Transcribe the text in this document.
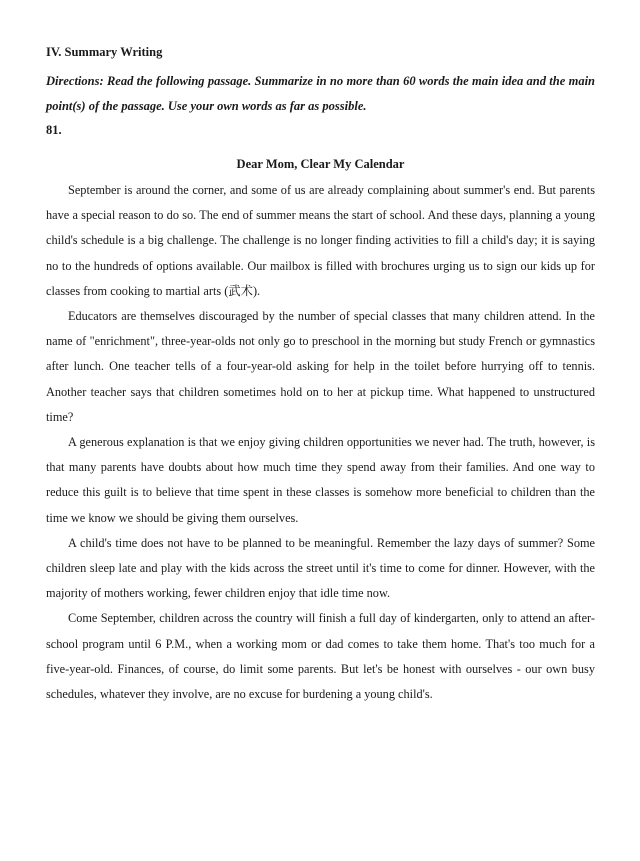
IV. Summary Writing

Directions: Read the following passage. Summarize in no more than 60 words the main idea and the main point(s) of the passage. Use your own words as far as possible.

81.

Dear Mom, Clear My Calendar

September is around the corner, and some of us are already complaining about summer's end. But parents have a special reason to do so. The end of summer means the start of school. And these days, planning a young child's schedule is a big challenge. The challenge is no longer finding activities to fill a child's day; it is saying no to the hundreds of options available. Our mailbox is filled with brochures urging us to sign our kids up for classes from cooking to martial arts (武术).

Educators are themselves discouraged by the number of special classes that many children attend. In the name of "enrichment", three-year-olds not only go to preschool in the morning but study French or gymnastics after lunch. One teacher tells of a four-year-old asking for help in the toilet before hurrying off to tennis. Another teacher says that children sometimes hold on to her at pickup time. What happened to unstructured time?

A generous explanation is that we enjoy giving children opportunities we never had. The truth, however, is that many parents have doubts about how much time they spend away from their families. And one way to reduce this guilt is to believe that time spent in these classes is somehow more beneficial to children than the time we know we should be giving them ourselves.

A child's time does not have to be planned to be meaningful. Remember the lazy days of summer? Some children sleep late and play with the kids across the street until it's time to come for dinner. However, with the majority of mothers working, fewer children enjoy that idle time now.

Come September, children across the country will finish a full day of kindergarten, only to attend an after-school program until 6 P.M., when a working mom or dad comes to take them home. That's too much for a five-year-old. Finances, of course, do limit some parents. But let's be honest with ourselves - our own busy schedules, whatever they involve, are no excuse for burdening a young child's.
